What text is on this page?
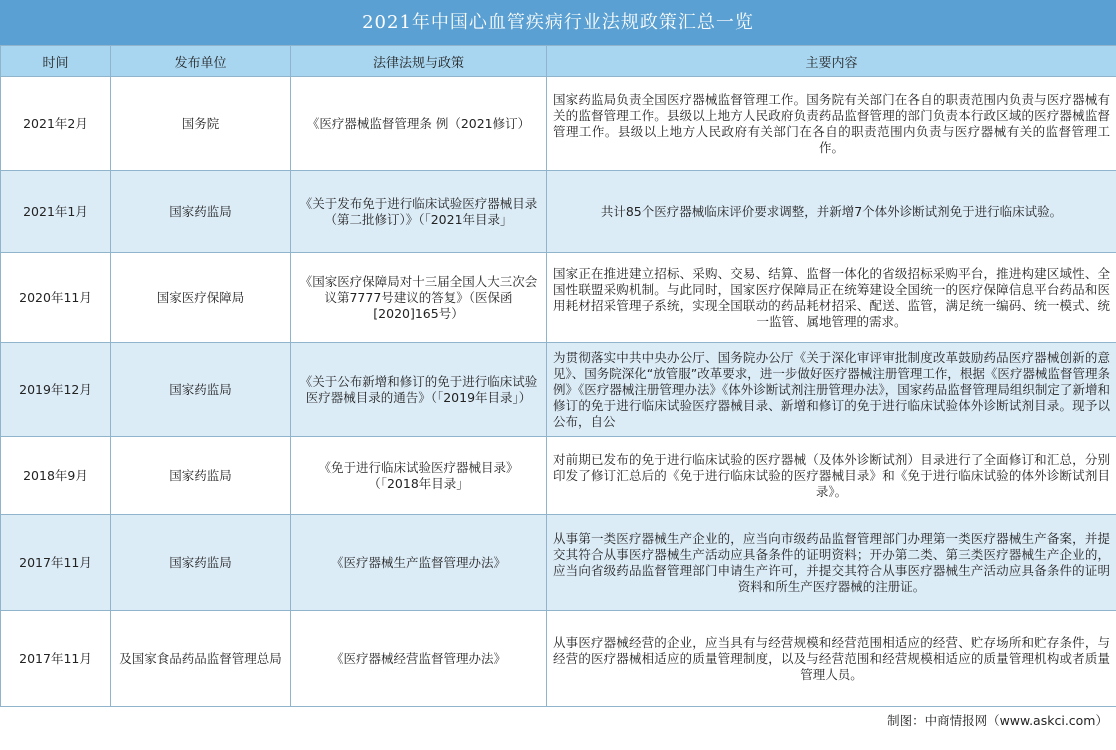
2021年中国心血管疾病行业法规政策汇总一览
时间	发布单位	法律法规与政策	主要内容
2021年2月	国务院	《医疗器械监督管理条 例（2021修订）	国家药监局负责全国医疗器械监督管理工作。国务院有关部门在各自的职责范围内负责与医疗器械有关的监督管理工作。县级以上地方人民政府负责药品监督管理的部门负责本行政区域的医疗器械监督管理工作。县级以上地方人民政府有关部门在各自的职责范围内负责与医疗器械有关的监督管理工作。
2021年1月	国家药监局	《关于发布免于进行临床试验医疗器械目录（第二批修订）》（「2021年目录」	共计85个医疗器械临床评价要求调整，并新增7个体外诊断试剂免于进行临床试验。
2020年11月	国家医疗保障局	《国家医疗保障局对十三届全国人大三次会议第7777号建议的答复》（医保函[2020]165号）	国家正在推进建立招标、采购、交易、结算、监督一体化的省级招标采购平台，推进构建区域性、全国性联盟采购机制。与此同时，国家医疗保障局正在统筹建设全国统一的医疗保障信息平台药品和医用耗材招采管理子系统，实现全国联动的药品耗材招采、配送、监管，满足统一编码、统一模式、统一监管、属地管理的需求。
2019年12月	国家药监局	《关于公布新增和修订的免于进行临床试验医疗器械目录的通告》（「2019年目录」）	为贯彻落实中共中央办公厅、国务院办公厅《关于深化审评审批制度改革鼓励药品医疗器械创新的意见》、国务院深化“放管服”改革要求，进一步做好医疗器械注册管理工作，根据《医疗器械监督管理条例》《医疗器械注册管理办法》《体外诊断试剂注册管理办法》，国家药品监督管理局组织制定了新增和修订的免于进行临床试验医疗器械目录、新增和修订的免于进行临床试验体外诊断试剂目录。现予以公布，自公

2018年9月	国家药监局	《免于进行临床试验医疗器械目录》（「2018年目录」	对前期已发布的免于进行临床试验的医疗器械（及体外诊断试剂）目录进行了全面修订和汇总，分别印发了修订汇总后的《免于进行临床试验的医疗器械目录》和《免于进行临床试验的体外诊断试剂目录》。
2017年11月	国家药监局	《医疗器械生产监督管理办法》	从事第一类医疗器械生产企业的，应当向市级药品监督管理部门办理第一类医疗器械生产备案，并提交其符合从事医疗器械生产活动应具备条件的证明资料；开办第二类、第三类医疗器械生产企业的，应当向省级药品监督管理部门申请生产许可，并提交其符合从事医疗器械生产活动应具备条件的证明资料和所生产医疗器械的注册证。
2017年11月	及国家食品药品监督管理总局	《医疗器械经营监督管理办法》	从事医疗器械经营的企业，应当具有与经营规模和经营范围相适应的经营、贮存场所和贮存条件，与经营的医疗器械相适应的质量管理制度，以及与经营范围和经营规模相适应的质量管理机构或者质量管理人员。
制图：中商情报网（www.askci.com）
